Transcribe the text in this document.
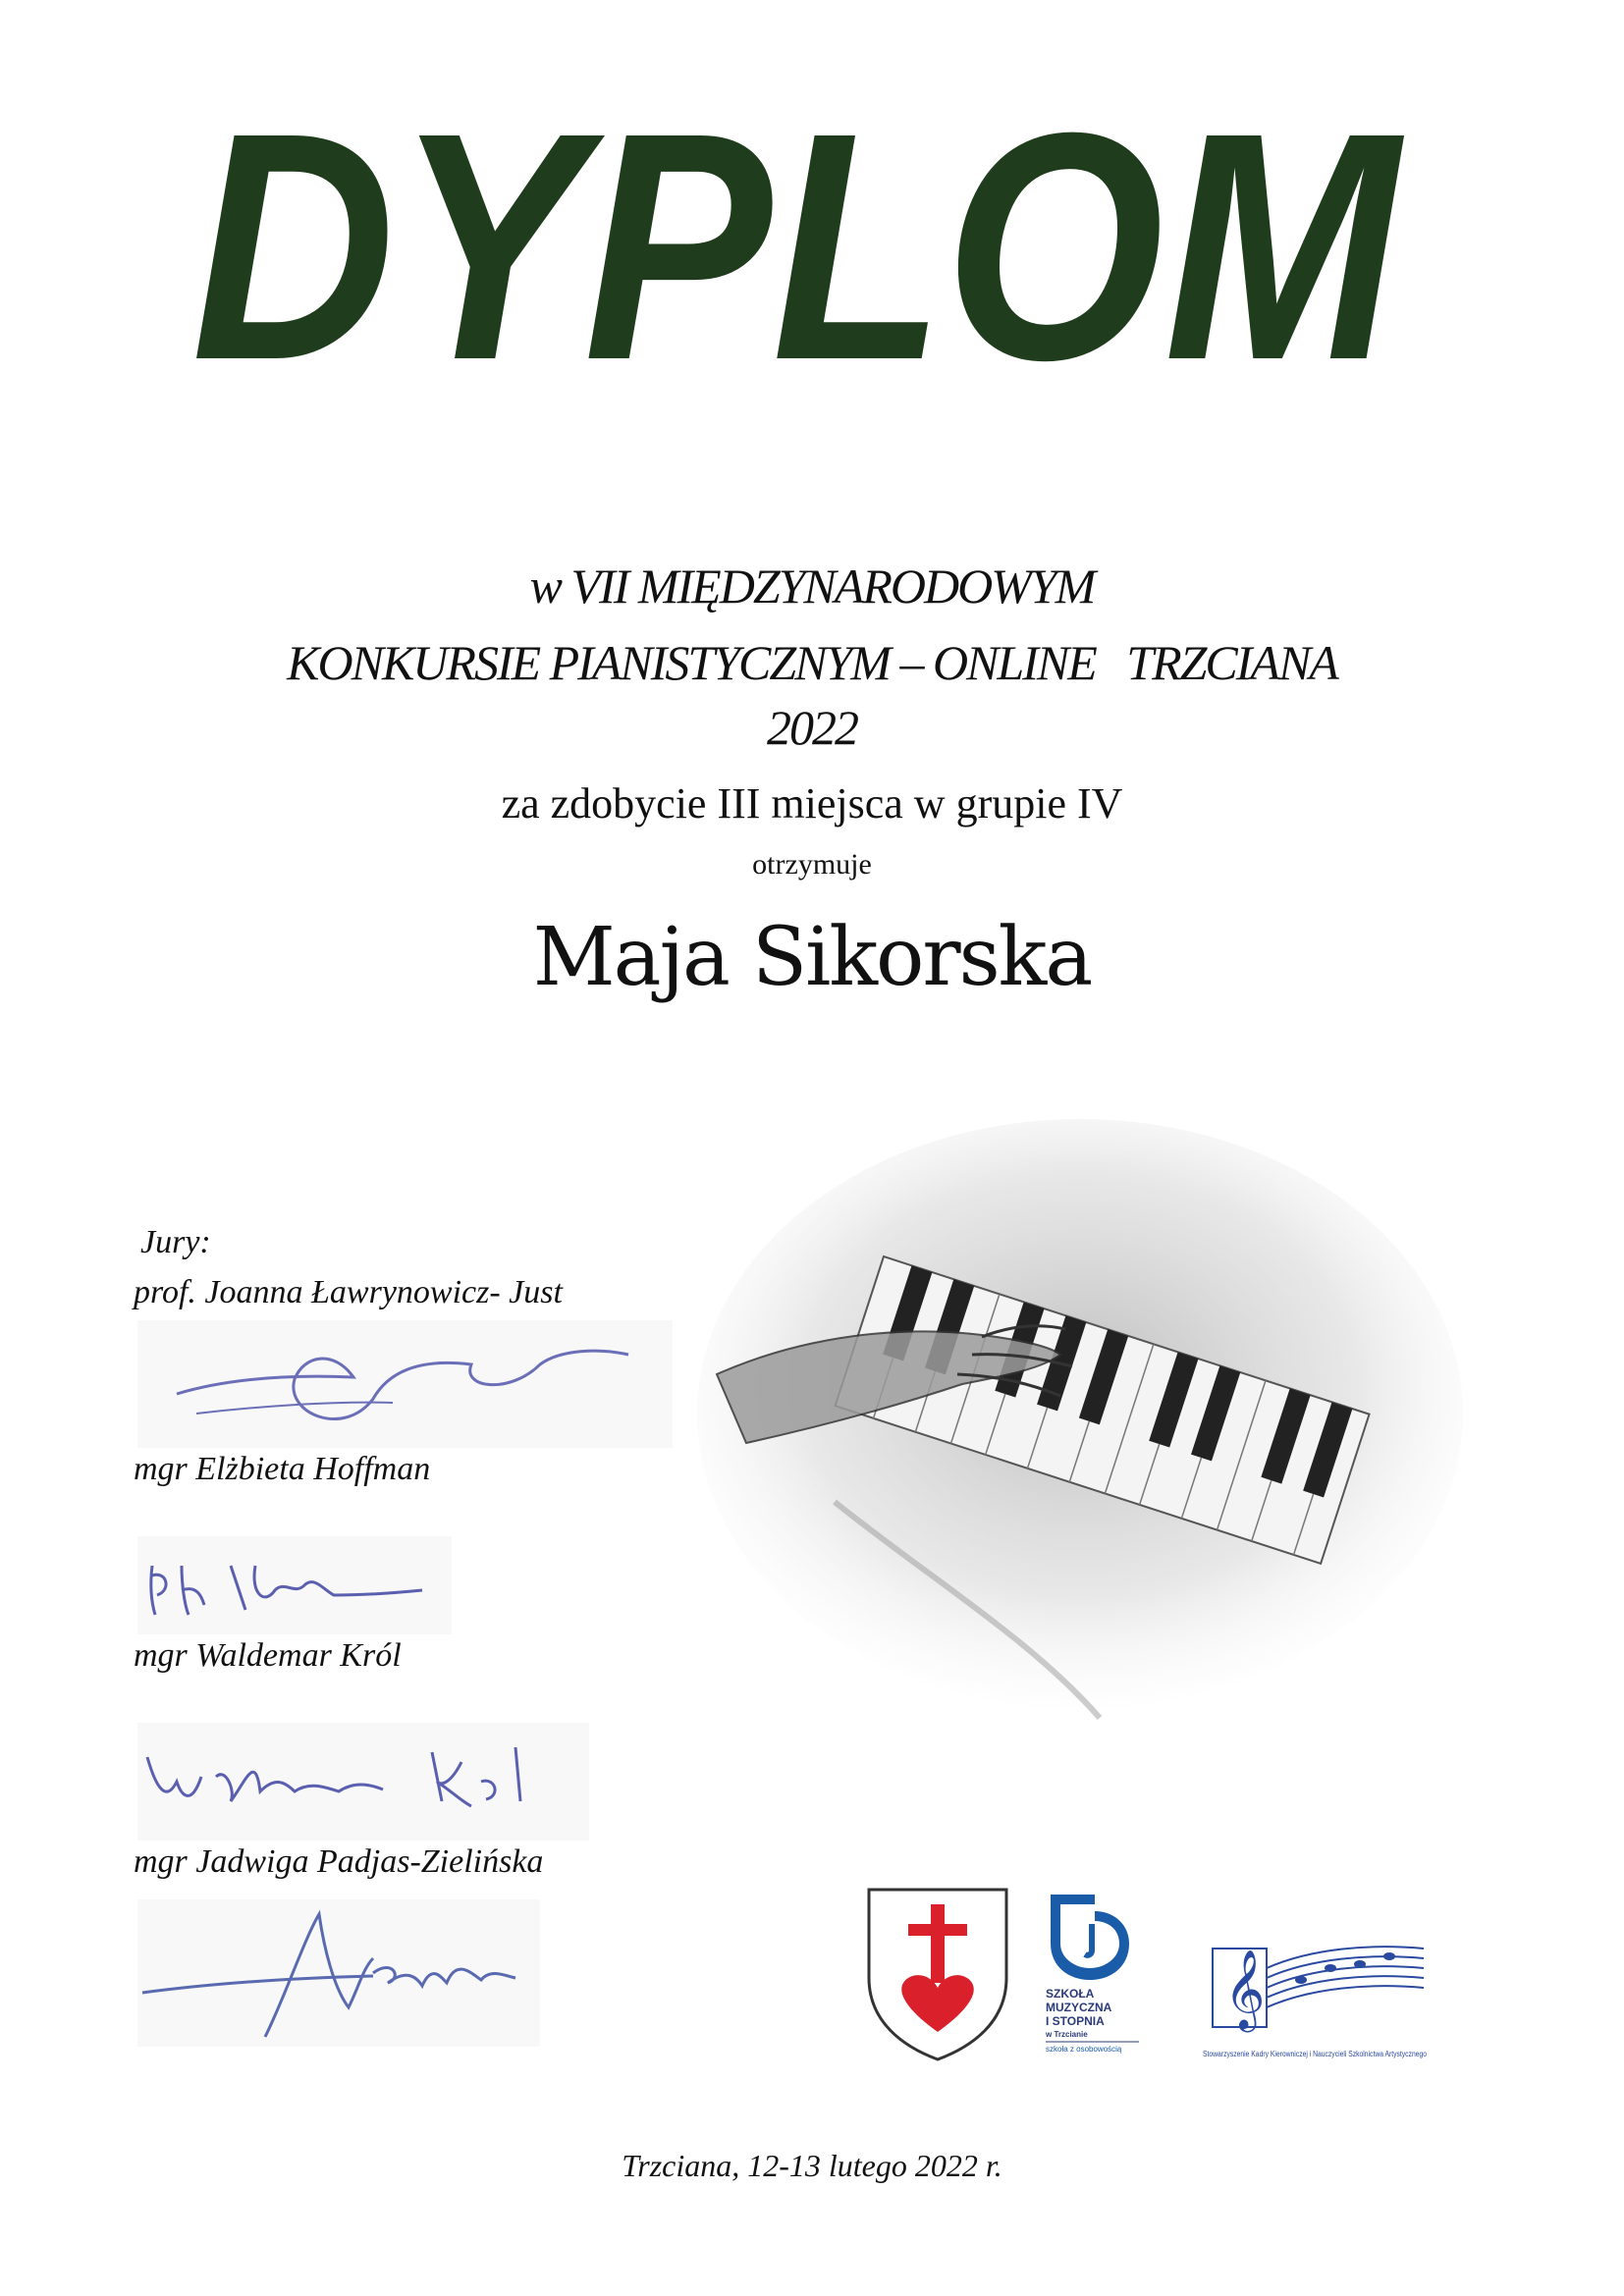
DYPLOM
w VII MIĘDZYNARODOWYM
KONKURSIE PIANISTYCZNYM – ONLINE   TRZCIANA
2022
za zdobycie III miejsca w grupie IV
otrzymuje
Maja Sikorska
Jury:
prof. Joanna Ławrynowicz- Just
mgr Elżbieta Hoffman
mgr Waldemar Król
mgr Jadwiga Padjas-Zielińska
SZKOŁA
MUZYCZNA
I STOPNIA
w Trzcianie
szkoła z osobowością
𝄞
Stowarzyszenie Kadry Kierowniczej i Nauczycieli Szkolnictwa Artystycznego
Trzciana, 12-13 lutego 2022 r.
